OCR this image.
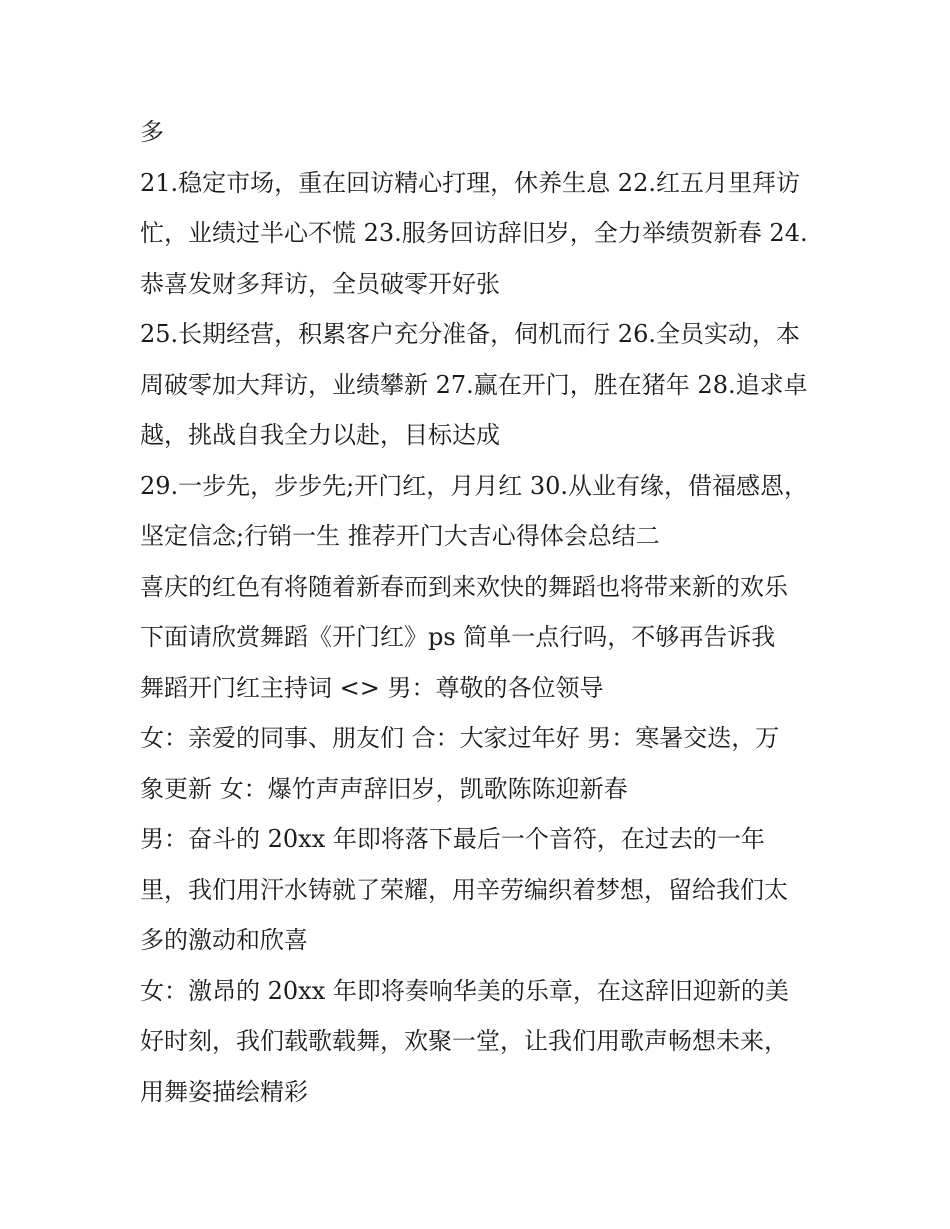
多
21.稳定市场，重在回访精心打理，休养生息 22.红五月里拜访
忙，业绩过半心不慌 23.服务回访辞旧岁，全力举绩贺新春 24.
恭喜发财多拜访，全员破零开好张
25.长期经营，积累客户充分准备，伺机而行 26.全员实动，本
周破零加大拜访，业绩攀新 27.赢在开门，胜在猪年 28.追求卓
越，挑战自我全力以赴，目标达成
29.一步先，步步先;开门红，月月红 30.从业有缘，借福感恩，
坚定信念;行销一生 推荐开门大吉心得体会总结二
喜庆的红色有将随着新春而到来欢快的舞蹈也将带来新的欢乐
下面请欣赏舞蹈《开门红》ps 简单一点行吗，不够再告诉我
舞蹈开门红主持词 <> 男：尊敬的各位领导
女：亲爱的同事、朋友们 合：大家过年好 男：寒暑交迭，万
象更新 女：爆竹声声辞旧岁，凯歌陈陈迎新春
男：奋斗的 20xx 年即将落下最后一个音符，在过去的一年
里，我们用汗水铸就了荣耀，用辛劳编织着梦想，留给我们太
多的激动和欣喜
女：激昂的 20xx 年即将奏响华美的乐章，在这辞旧迎新的美
好时刻，我们载歌载舞，欢聚一堂，让我们用歌声畅想未来，
用舞姿描绘精彩
